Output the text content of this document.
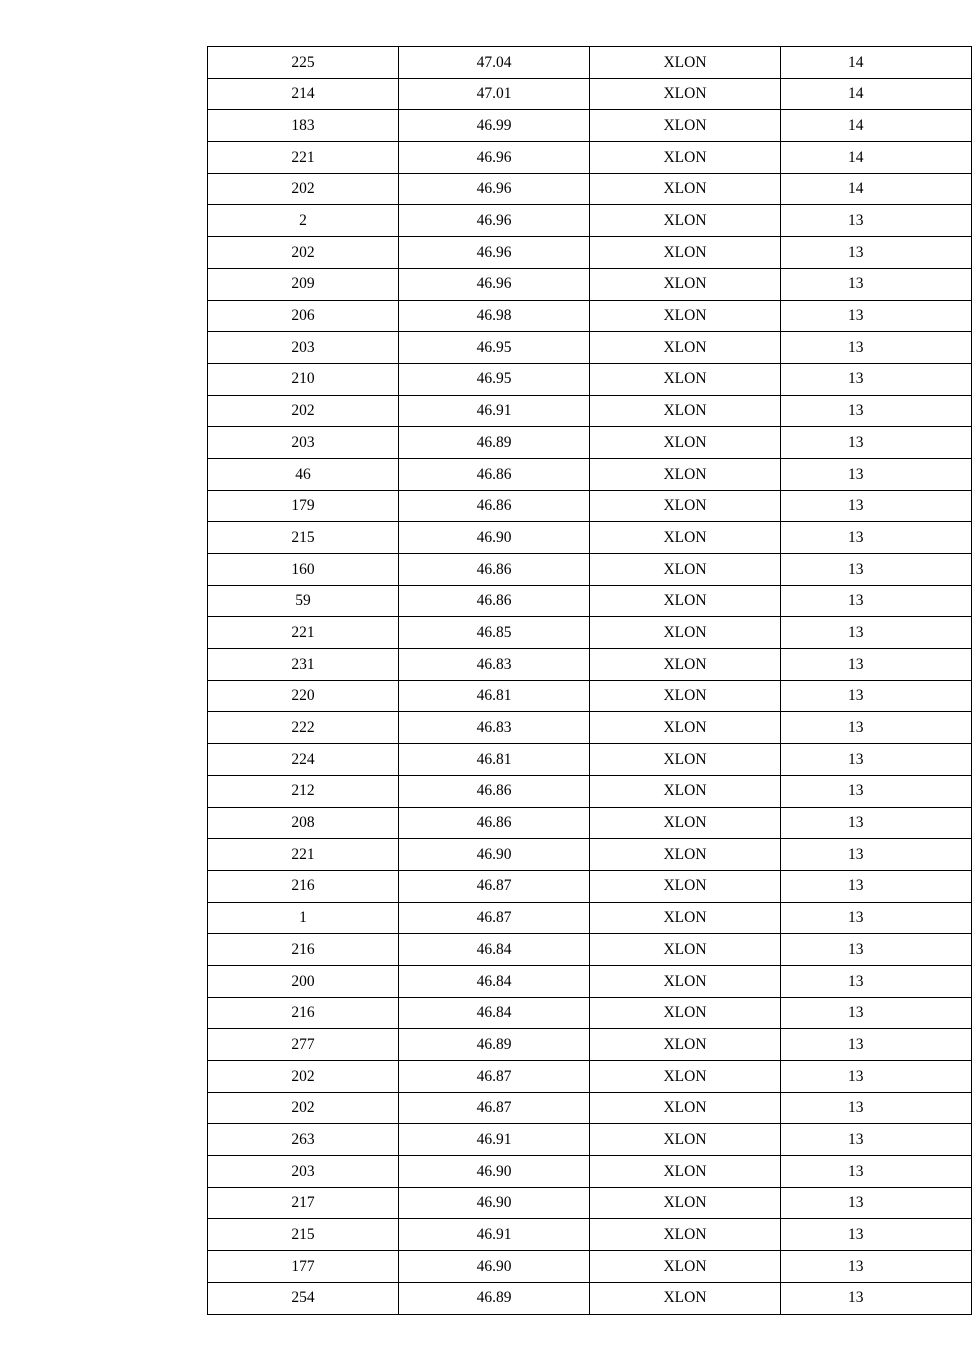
225	47.04	XLON	14
214	47.01	XLON	14
183	46.99	XLON	14
221	46.96	XLON	14
202	46.96	XLON	14
2	46.96	XLON	13
202	46.96	XLON	13
209	46.96	XLON	13
206	46.98	XLON	13
203	46.95	XLON	13
210	46.95	XLON	13
202	46.91	XLON	13
203	46.89	XLON	13
46	46.86	XLON	13
179	46.86	XLON	13
215	46.90	XLON	13
160	46.86	XLON	13
59	46.86	XLON	13
221	46.85	XLON	13
231	46.83	XLON	13
220	46.81	XLON	13
222	46.83	XLON	13
224	46.81	XLON	13
212	46.86	XLON	13
208	46.86	XLON	13
221	46.90	XLON	13
216	46.87	XLON	13
1	46.87	XLON	13
216	46.84	XLON	13
200	46.84	XLON	13
216	46.84	XLON	13
277	46.89	XLON	13
202	46.87	XLON	13
202	46.87	XLON	13
263	46.91	XLON	13
203	46.90	XLON	13
217	46.90	XLON	13
215	46.91	XLON	13
177	46.90	XLON	13
254	46.89	XLON	13
